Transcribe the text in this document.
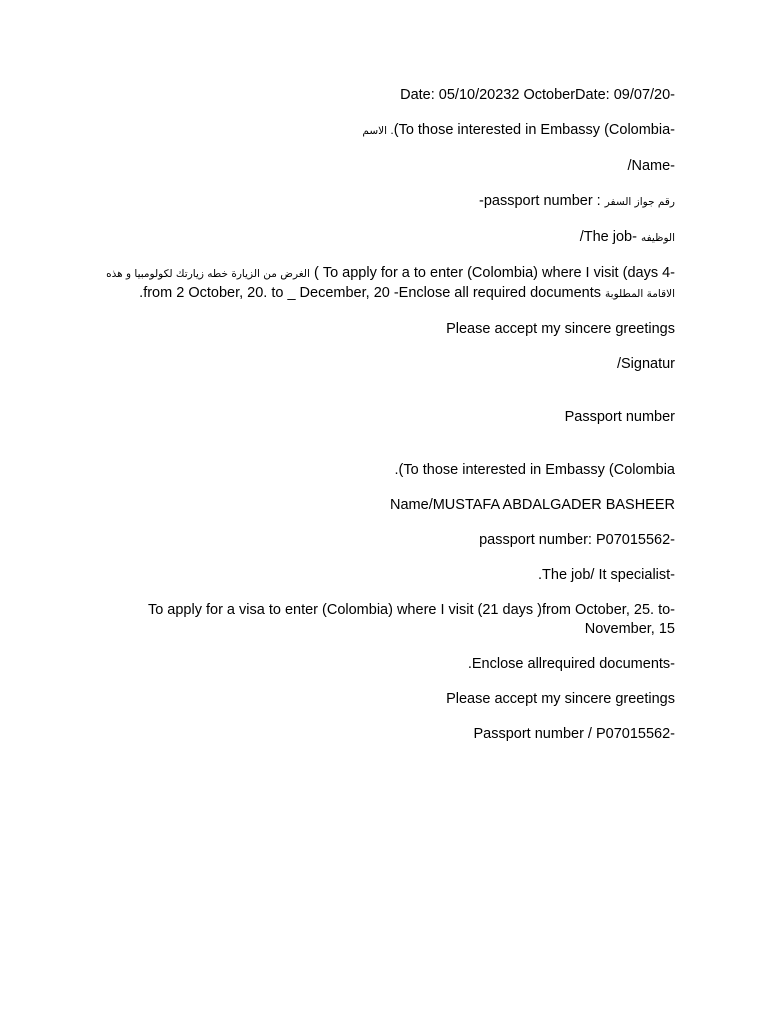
Date: 05/10/20232 OctoberDate: 09/07/20-

الاسم .(To those interested in Embassy (Colombia-

/Name-

-passport number : رقم جواز السفر

/The job- الوظيفه

الغرض من الزيارة خطه زيارتك لكولومبيا و هذه ( To apply for a to enter (Colombia) where I visit (days 4-

.from 2 October, 20. to _ December, 20 -Enclose all required documents الاقامة المطلوبة

Please accept my sincere greetings

/Signatur

Passport number

.(To those interested in Embassy (Colombia

Name/MUSTAFA ABDALGADER BASHEER

passport number: P07015562-

.The job/ It specialist-

To apply for a visa to enter (Colombia) where I visit (21 days )from October, 25. to-

November, 15

.Enclose allrequired documents-

Please accept my sincere greetings

Passport number / P07015562-
